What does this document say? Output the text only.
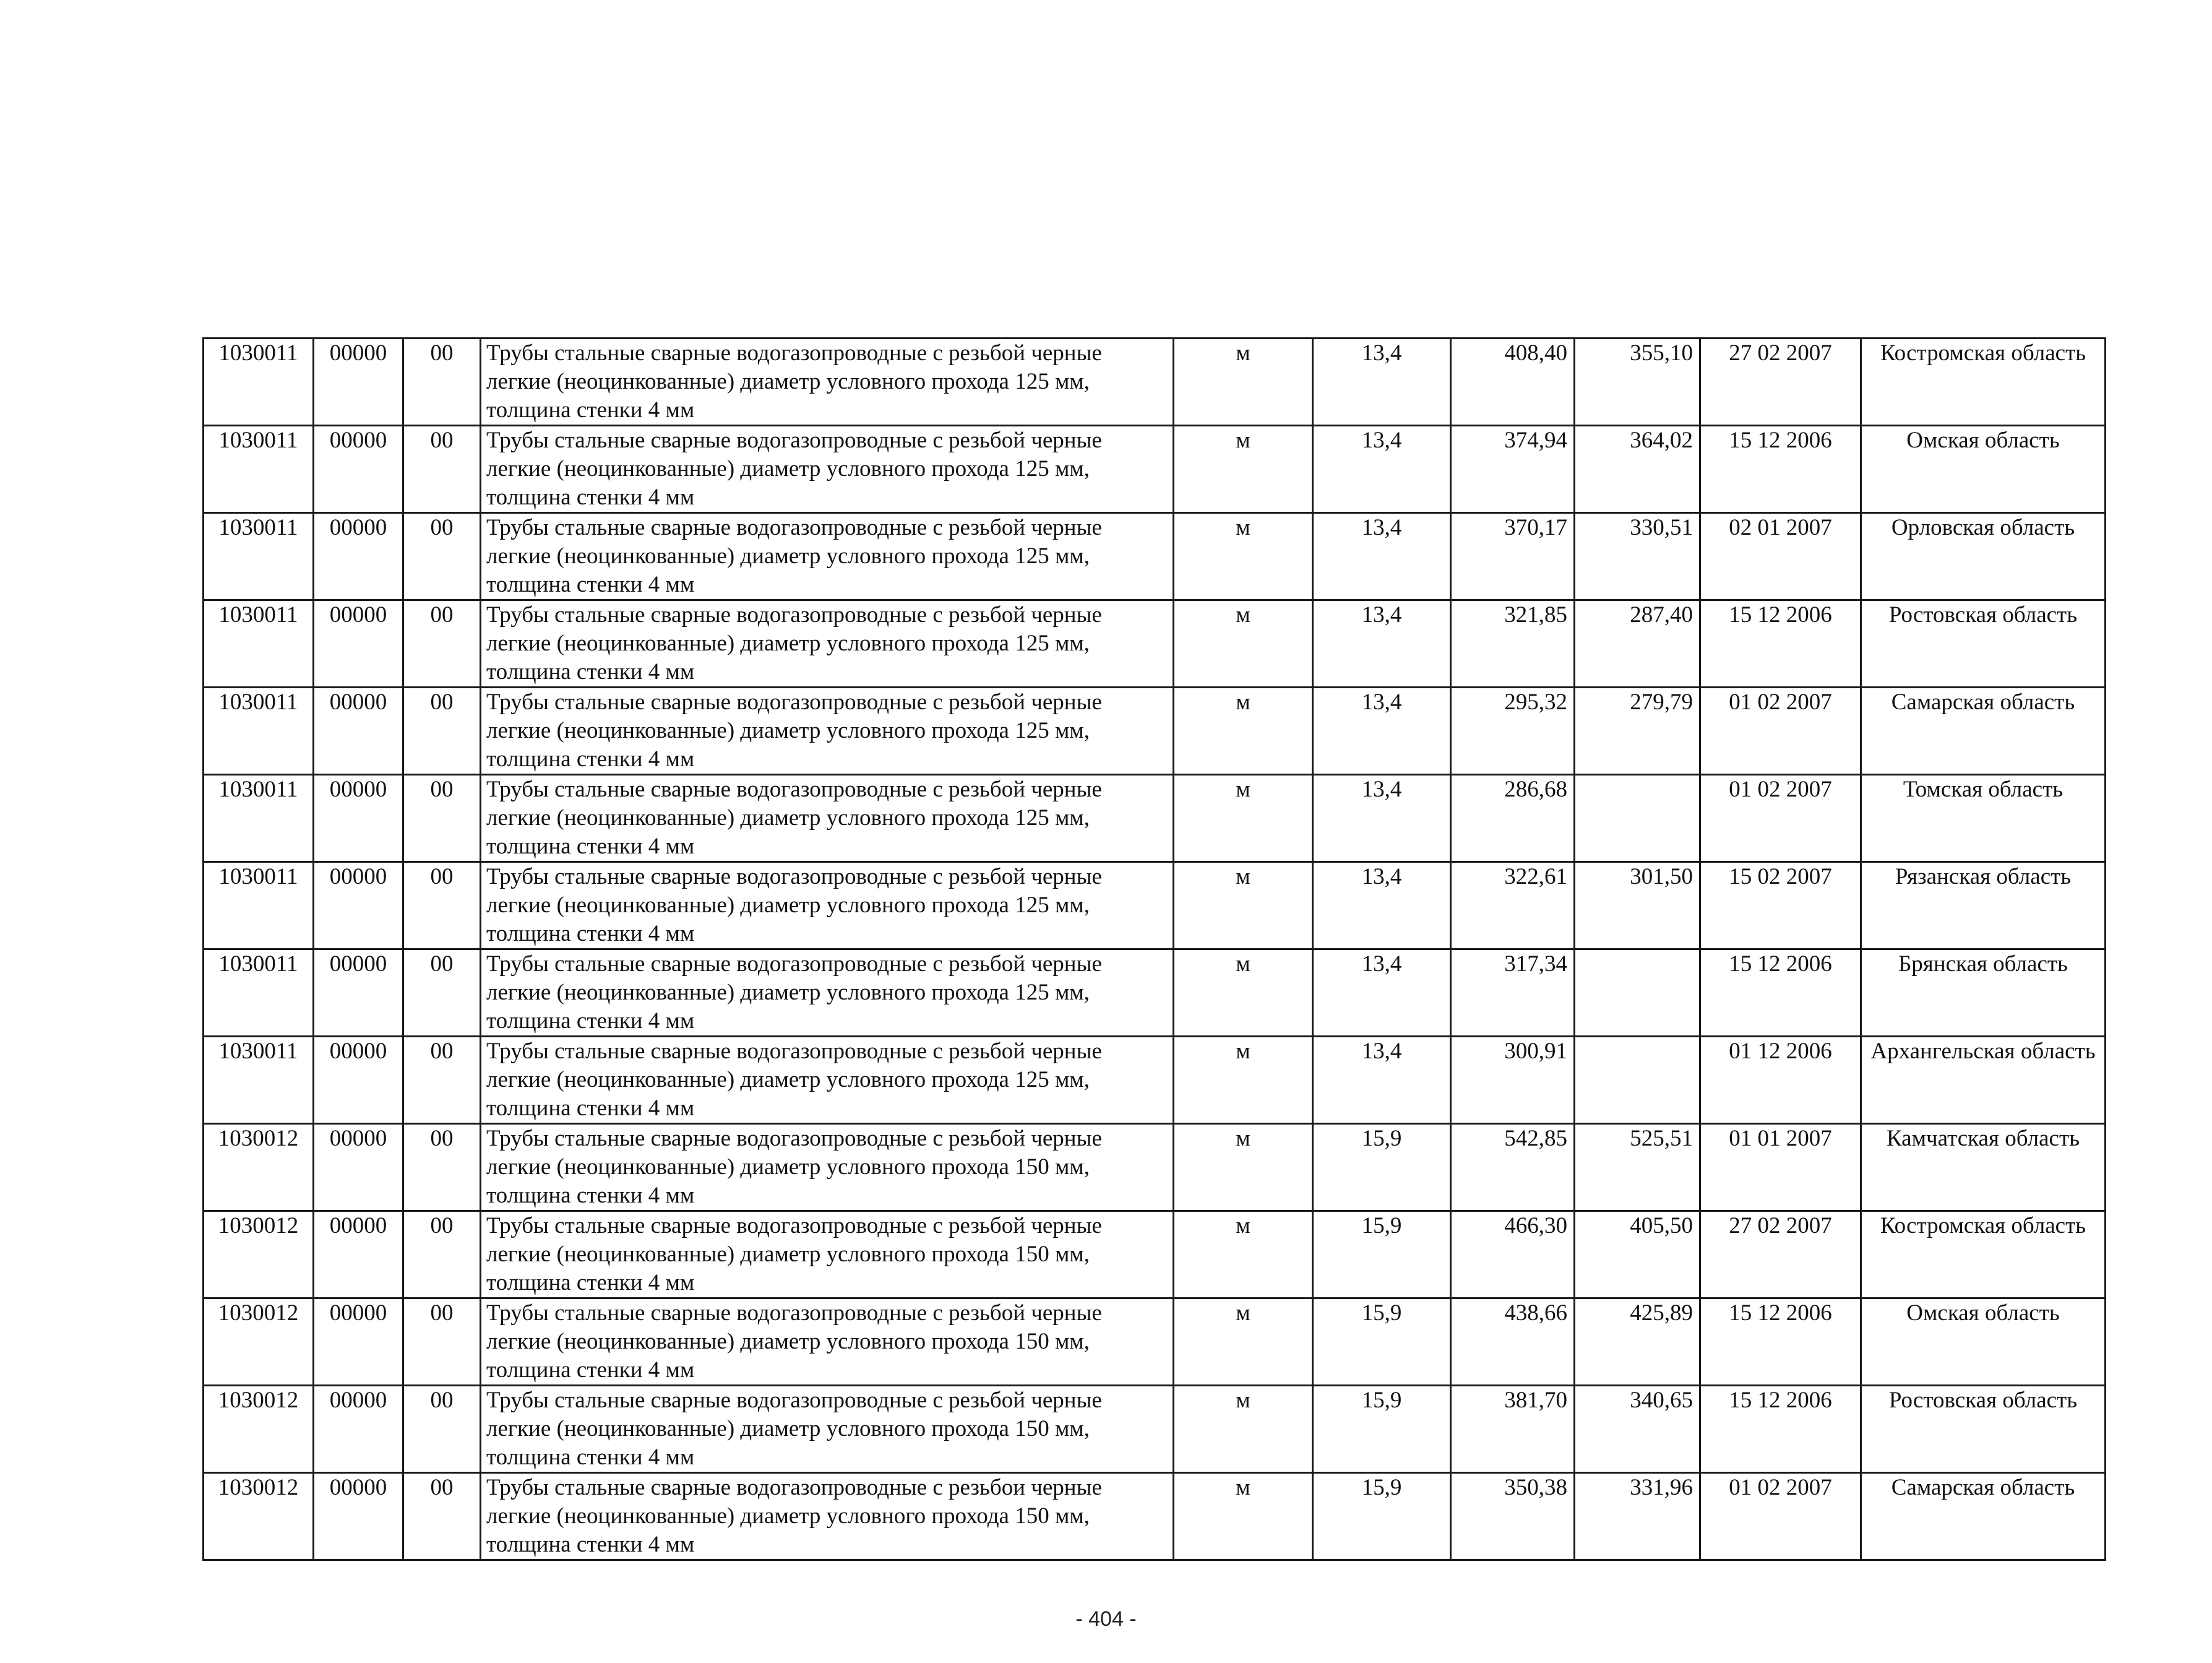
1030011	00000	00	Трубы стальные сварные водогазопроводные с резьбой черные легкие (неоцинкованные) диаметр условного прохода 125 мм, толщина стенки 4 мм	м	13,4	408,40	355,10	27 02 2007	Костромская область
1030011	00000	00	Трубы стальные сварные водогазопроводные с резьбой черные легкие (неоцинкованные) диаметр условного прохода 125 мм, толщина стенки 4 мм	м	13,4	374,94	364,02	15 12 2006	Омская область
1030011	00000	00	Трубы стальные сварные водогазопроводные с резьбой черные легкие (неоцинкованные) диаметр условного прохода 125 мм, толщина стенки 4 мм	м	13,4	370,17	330,51	02 01 2007	Орловская область
1030011	00000	00	Трубы стальные сварные водогазопроводные с резьбой черные легкие (неоцинкованные) диаметр условного прохода 125 мм, толщина стенки 4 мм	м	13,4	321,85	287,40	15 12 2006	Ростовская область
1030011	00000	00	Трубы стальные сварные водогазопроводные с резьбой черные легкие (неоцинкованные) диаметр условного прохода 125 мм, толщина стенки 4 мм	м	13,4	295,32	279,79	01 02 2007	Самарская область
1030011	00000	00	Трубы стальные сварные водогазопроводные с резьбой черные легкие (неоцинкованные) диаметр условного прохода 125 мм, толщина стенки 4 мм	м	13,4	286,68		01 02 2007	Томская область
1030011	00000	00	Трубы стальные сварные водогазопроводные с резьбой черные легкие (неоцинкованные) диаметр условного прохода 125 мм, толщина стенки 4 мм	м	13,4	322,61	301,50	15 02 2007	Рязанская область
1030011	00000	00	Трубы стальные сварные водогазопроводные с резьбой черные легкие (неоцинкованные) диаметр условного прохода 125 мм, толщина стенки 4 мм	м	13,4	317,34		15 12 2006	Брянская область
1030011	00000	00	Трубы стальные сварные водогазопроводные с резьбой черные легкие (неоцинкованные) диаметр условного прохода 125 мм, толщина стенки 4 мм	м	13,4	300,91		01 12 2006	Архангельская область
1030012	00000	00	Трубы стальные сварные водогазопроводные с резьбой черные легкие (неоцинкованные) диаметр условного прохода 150 мм, толщина стенки 4 мм	м	15,9	542,85	525,51	01 01 2007	Камчатская область
1030012	00000	00	Трубы стальные сварные водогазопроводные с резьбой черные легкие (неоцинкованные) диаметр условного прохода 150 мм, толщина стенки 4 мм	м	15,9	466,30	405,50	27 02 2007	Костромская область
1030012	00000	00	Трубы стальные сварные водогазопроводные с резьбой черные легкие (неоцинкованные) диаметр условного прохода 150 мм, толщина стенки 4 мм	м	15,9	438,66	425,89	15 12 2006	Омская область
1030012	00000	00	Трубы стальные сварные водогазопроводные с резьбой черные легкие (неоцинкованные) диаметр условного прохода 150 мм, толщина стенки 4 мм	м	15,9	381,70	340,65	15 12 2006	Ростовская область
1030012	00000	00	Трубы стальные сварные водогазопроводные с резьбои черные легкие (неоцинкованные) диаметр условного прохода 150 мм, толщина стенки 4 мм	м	15,9	350,38	331,96	01 02 2007	Самарская область
- 404 -
